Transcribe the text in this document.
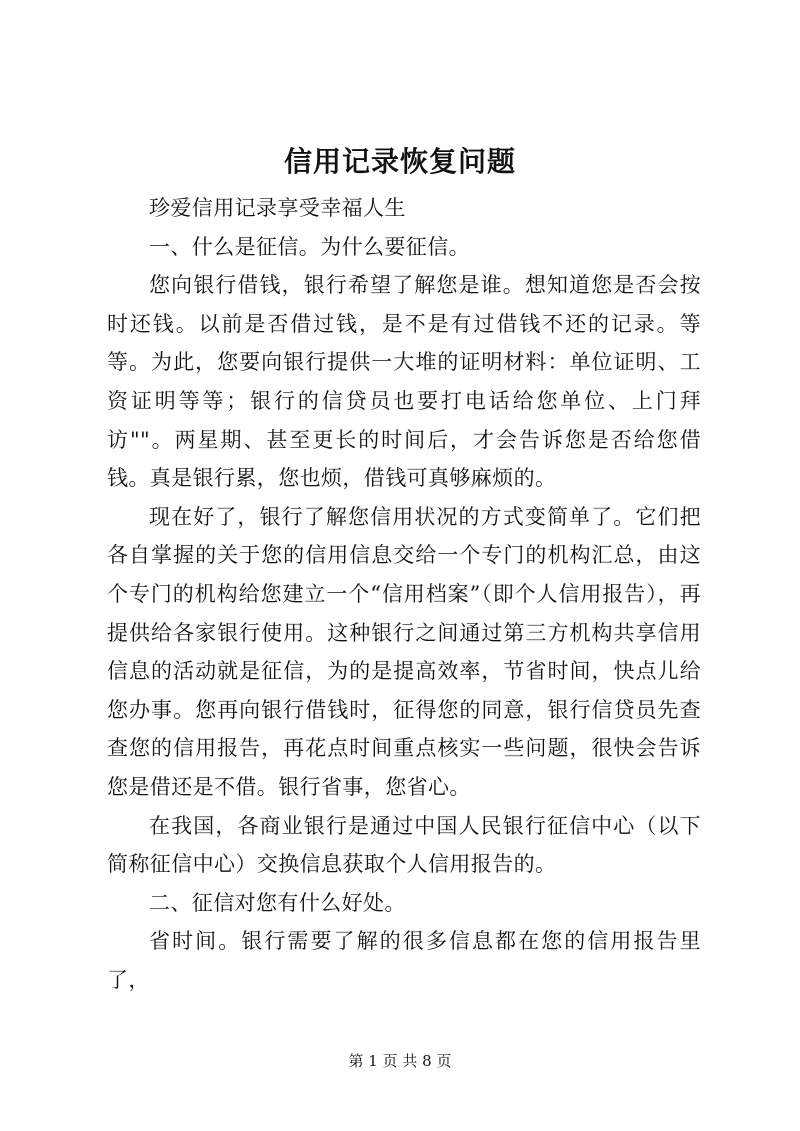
信用记录恢复问题

珍爱信用记录享受幸福人生

一、什么是征信。为什么要征信。

您向银行借钱，银行希望了解您是谁。想知道您是否会按时还钱。以前是否借过钱，是不是有过借钱不还的记录。等等。为此，您要向银行提供一大堆的证明材料：单位证明、工资证明等等；银行的信贷员也要打电话给您单位、上门拜访""。两星期、甚至更长的时间后，才会告诉您是否给您借钱。真是银行累，您也烦，借钱可真够麻烦的。

现在好了，银行了解您信用状况的方式变简单了。它们把各自掌握的关于您的信用信息交给一个专门的机构汇总，由这个专门的机构给您建立一个“信用档案”（即个人信用报告），再提供给各家银行使用。这种银行之间通过第三方机构共享信用信息的活动就是征信，为的是提高效率，节省时间，快点儿给您办事。您再向银行借钱时，征得您的同意，银行信贷员先查查您的信用报告，再花点时间重点核实一些问题，很快会告诉您是借还是不借。银行省事，您省心。

在我国，各商业银行是通过中国人民银行征信中心（以下简称征信中心）交换信息获取个人信用报告的。

二、征信对您有什么好处。

省时间。银行需要了解的很多信息都在您的信用报告里了，

第 1 页 共 8 页
